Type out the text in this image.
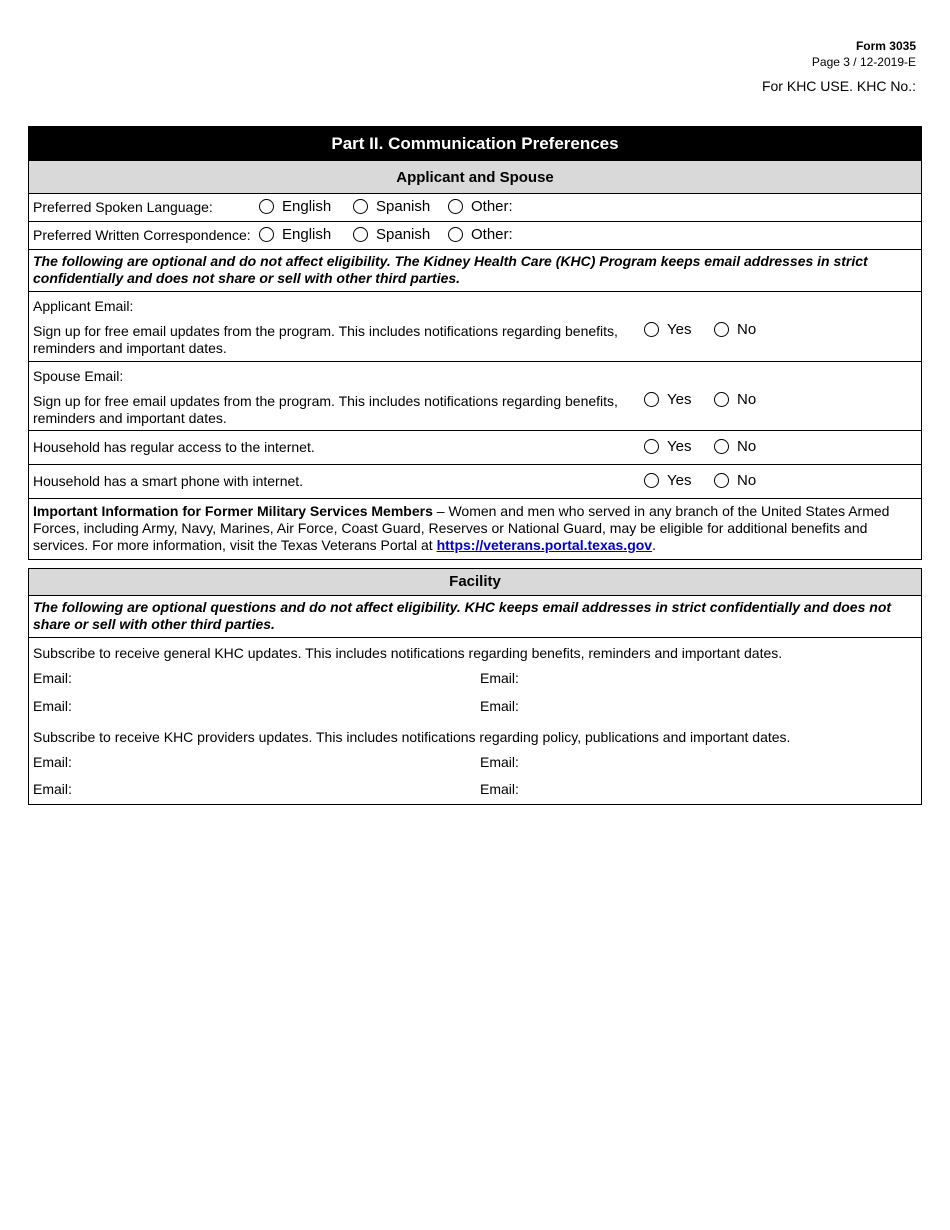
Form 3035
Page 3 / 12-2019-E
For KHC USE. KHC No.:
Part II. Communication Preferences
Applicant and Spouse
Preferred Spoken Language:	English	Spanish	Other:
Preferred Written Correspondence: English	Spanish	Other:
The following are optional and do not affect eligibility. The Kidney Health Care (KHC) Program keeps email addresses in strict confidentially and does not share or sell with other third parties.
Applicant Email:
Sign up for free email updates from the program. This includes notifications regarding benefits, reminders and important dates.
Yes	No
Spouse Email:
Sign up for free email updates from the program. This includes notifications regarding benefits, reminders and important dates.
Yes	No
Household has regular access to the internet.	Yes	No
Household has a smart phone with internet.	Yes	No
Important Information for Former Military Services Members – Women and men who served in any branch of the United States Armed Forces, including Army, Navy, Marines, Air Force, Coast Guard, Reserves or National Guard, may be eligible for additional benefits and services. For more information, visit the Texas Veterans Portal at https://veterans.portal.texas.gov.
Facility
The following are optional questions and do not affect eligibility. KHC keeps email addresses in strict confidentially and does not share or sell with other third parties.
Subscribe to receive general KHC updates. This includes notifications regarding benefits, reminders and important dates.
Email:	Email:
Email:	Email:
Subscribe to receive KHC providers updates. This includes notifications regarding policy, publications and important dates.
Email:	Email:
Email:	Email:
